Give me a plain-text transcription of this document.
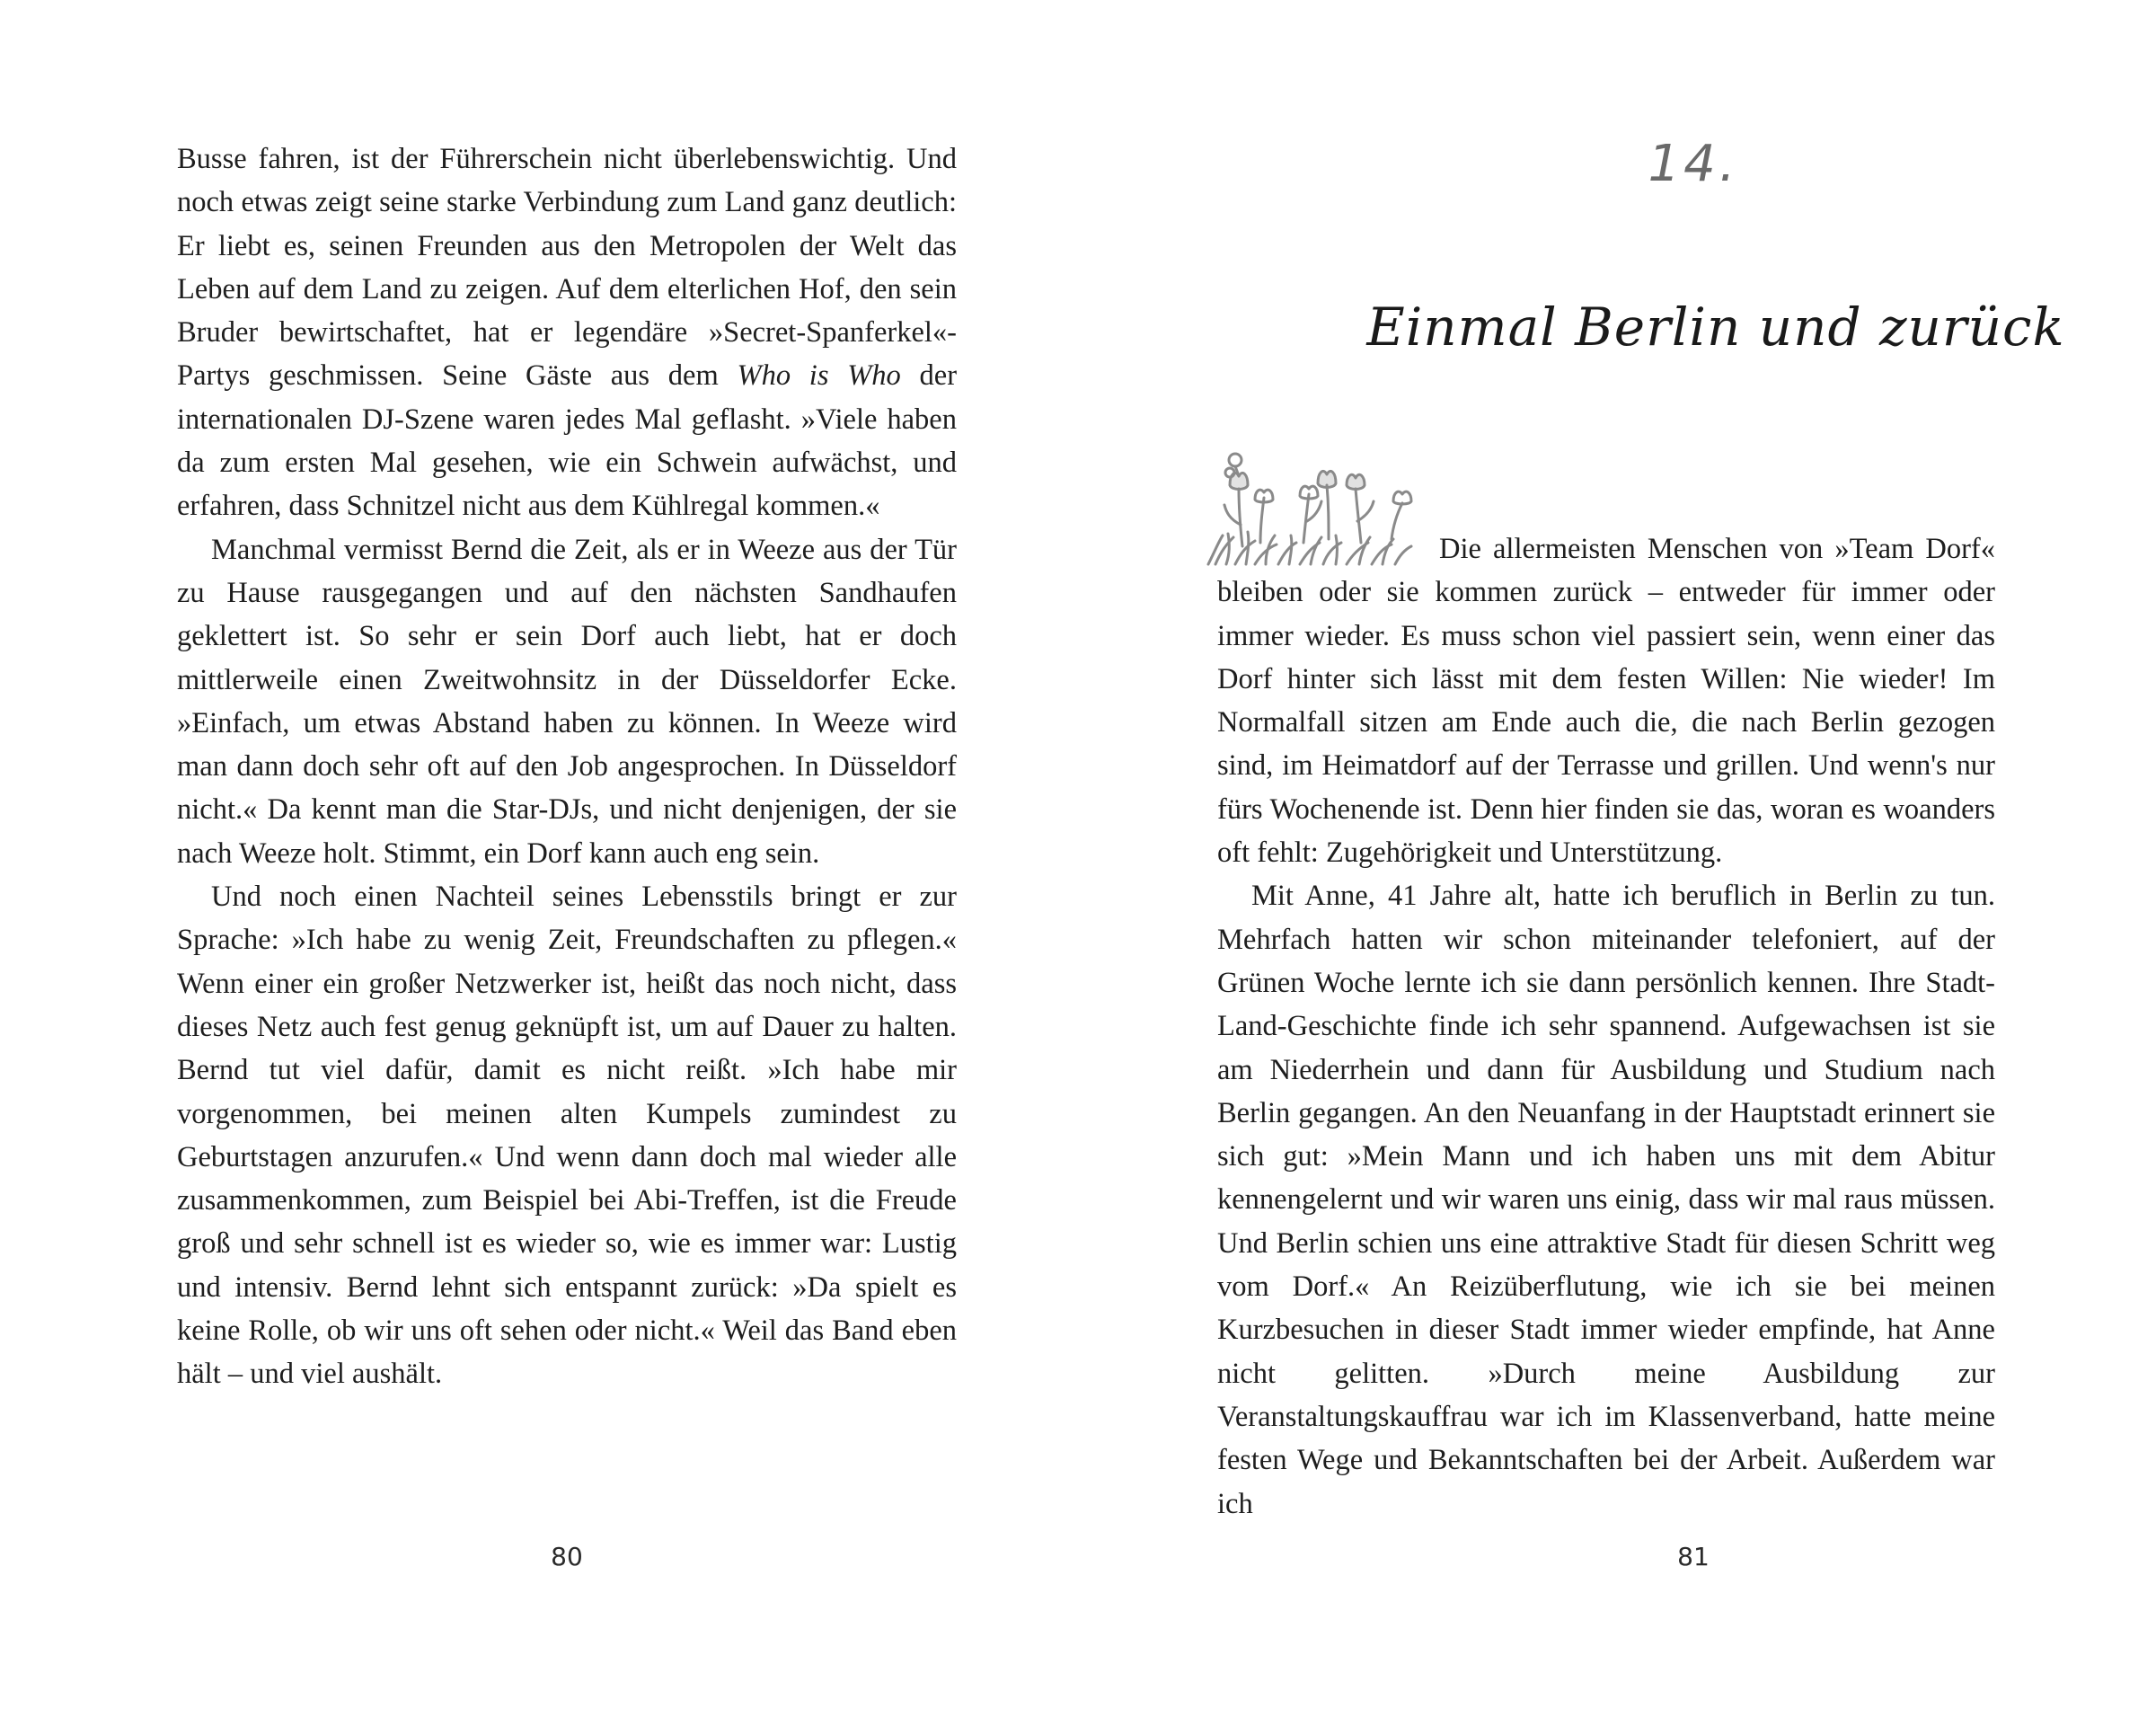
Busse fahren, ist der Führerschein nicht überlebenswichtig. Und noch etwas zeigt seine starke Verbindung zum Land ganz deutlich: Er liebt es, seinen Freunden aus den Metropolen der Welt das Leben auf dem Land zu zeigen. Auf dem elterlichen Hof, den sein Bruder bewirtschaftet, hat er legendäre »Secret-Spanferkel«-Partys geschmissen. Seine Gäste aus dem Who is Who der internationalen DJ-Szene waren jedes Mal geflasht. »Viele haben da zum ersten Mal gesehen, wie ein Schwein aufwächst, und erfahren, dass Schnitzel nicht aus dem Kühlregal kommen.«

Manchmal vermisst Bernd die Zeit, als er in Weeze aus der Tür zu Hause rausgegangen und auf den nächsten Sandhaufen geklettert ist. So sehr er sein Dorf auch liebt, hat er doch mittlerweile einen Zweitwohnsitz in der Düsseldorfer Ecke. »Einfach, um etwas Abstand haben zu können. In Weeze wird man dann doch sehr oft auf den Job angesprochen. In Düsseldorf nicht.« Da kennt man die Star-DJs, und nicht denjenigen, der sie nach Weeze holt. Stimmt, ein Dorf kann auch eng sein.

Und noch einen Nachteil seines Lebensstils bringt er zur Sprache: »Ich habe zu wenig Zeit, Freundschaften zu pflegen.« Wenn einer ein großer Netzwerker ist, heißt das noch nicht, dass dieses Netz auch fest genug geknüpft ist, um auf Dauer zu halten. Bernd tut viel dafür, damit es nicht reißt. »Ich habe mir vorgenommen, bei meinen alten Kumpels zumindest zu Geburtstagen anzurufen.« Und wenn dann doch mal wieder alle zusammenkommen, zum Beispiel bei Abi-Treffen, ist die Freude groß und sehr schnell ist es wieder so, wie es immer war: Lustig und intensiv. Bernd lehnt sich entspannt zurück: »Da spielt es keine Rolle, ob wir uns oft sehen oder nicht.« Weil das Band eben hält – und viel aushält.

80
14.
Einmal Berlin und zurück

Die allermeisten Menschen von »Team Dorf« bleiben oder sie kommen zurück – entweder für immer oder immer wieder. Es muss schon viel passiert sein, wenn einer das Dorf hinter sich lässt mit dem festen Willen: Nie wieder! Im Normalfall sitzen am Ende auch die, die nach Berlin gezogen sind, im Heimatdorf auf der Terrasse und grillen. Und wenn's nur fürs Wochenende ist. Denn hier finden sie das, woran es woanders oft fehlt: Zugehörigkeit und Unterstützung.

Mit Anne, 41 Jahre alt, hatte ich beruflich in Berlin zu tun. Mehrfach hatten wir schon miteinander telefoniert, auf der Grünen Woche lernte ich sie dann persönlich kennen. Ihre Stadt-Land-Geschichte finde ich sehr spannend. Aufgewachsen ist sie am Niederrhein und dann für Ausbildung und Studium nach Berlin gegangen. An den Neuanfang in der Hauptstadt erinnert sie sich gut: »Mein Mann und ich haben uns mit dem Abitur kennengelernt und wir waren uns einig, dass wir mal raus müssen. Und Berlin schien uns eine attraktive Stadt für diesen Schritt weg vom Dorf.« An Reizüberflutung, wie ich sie bei meinen Kurzbesuchen in dieser Stadt immer wieder empfinde, hat Anne nicht gelitten. »Durch meine Ausbildung zur Veranstaltungskauffrau war ich im Klassenverband, hatte meine festen Wege und Bekanntschaften bei der Arbeit. Außerdem war ich

81
